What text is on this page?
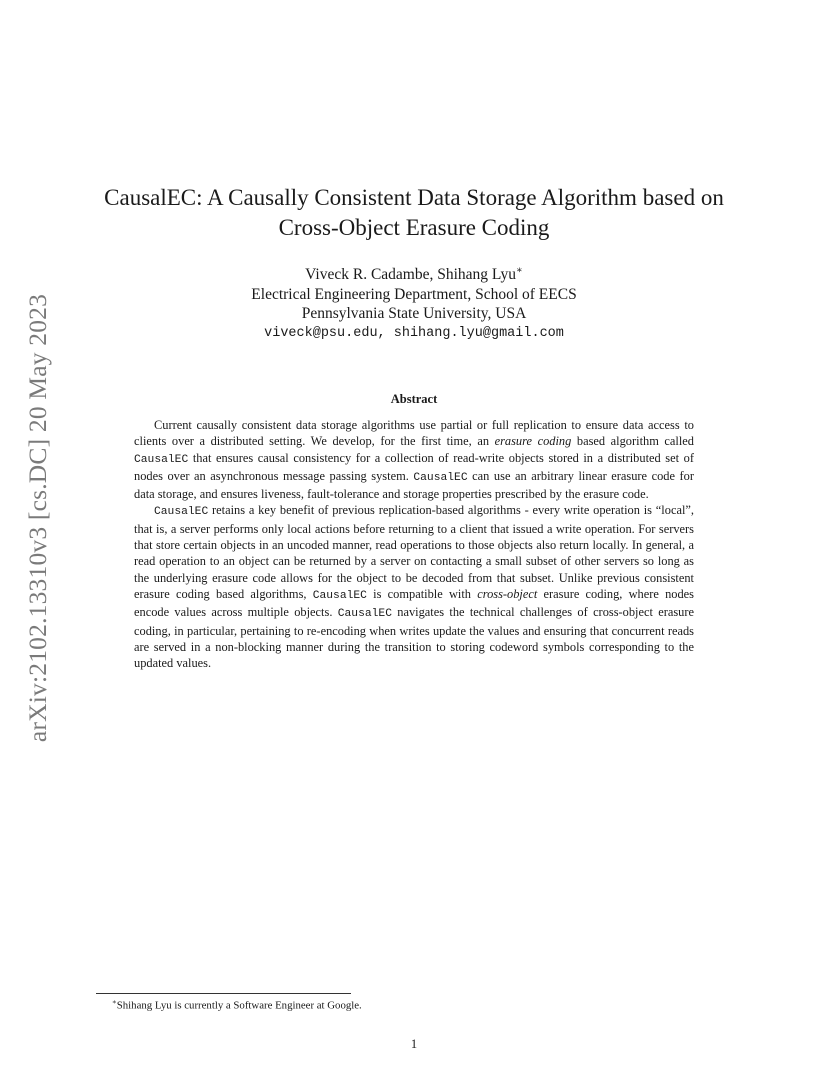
arXiv:2102.13310v3 [cs.DC] 20 May 2023
CausalEC: A Causally Consistent Data Storage Algorithm based on
Cross-Object Erasure Coding
Viveck R. Cadambe, Shihang Lyu∗
Electrical Engineering Department, School of EECS
Pennsylvania State University, USA
viveck@psu.edu, shihang.lyu@gmail.com
Abstract

Current causally consistent data storage algorithms use partial or full replication to ensure data access to clients over a distributed setting. We develop, for the first time, an erasure coding based algorithm called CausalEC that ensures causal consistency for a collection of read-write objects stored in a distributed set of nodes over an asynchronous message passing system. CausalEC can use an arbitrary linear erasure code for data storage, and ensures liveness, fault-tolerance and storage properties prescribed by the erasure code.

CausalEC retains a key benefit of previous replication-based algorithms - every write operation is “local”, that is, a server performs only local actions before returning to a client that issued a write operation. For servers that store certain objects in an uncoded manner, read operations to those objects also return locally. In general, a read operation to an object can be returned by a server on contacting a small subset of other servers so long as the underlying erasure code allows for the object to be decoded from that subset. Unlike previous consistent erasure coding based algorithms, CausalEC is compatible with cross-object erasure coding, where nodes encode values across multiple objects. CausalEC navigates the technical challenges of cross-object erasure coding, in particular, pertaining to re-encoding when writes update the values and ensuring that concurrent reads are served in a non-blocking manner during the transition to storing codeword symbols corresponding to the updated values.

∗Shihang Lyu is currently a Software Engineer at Google.
1
